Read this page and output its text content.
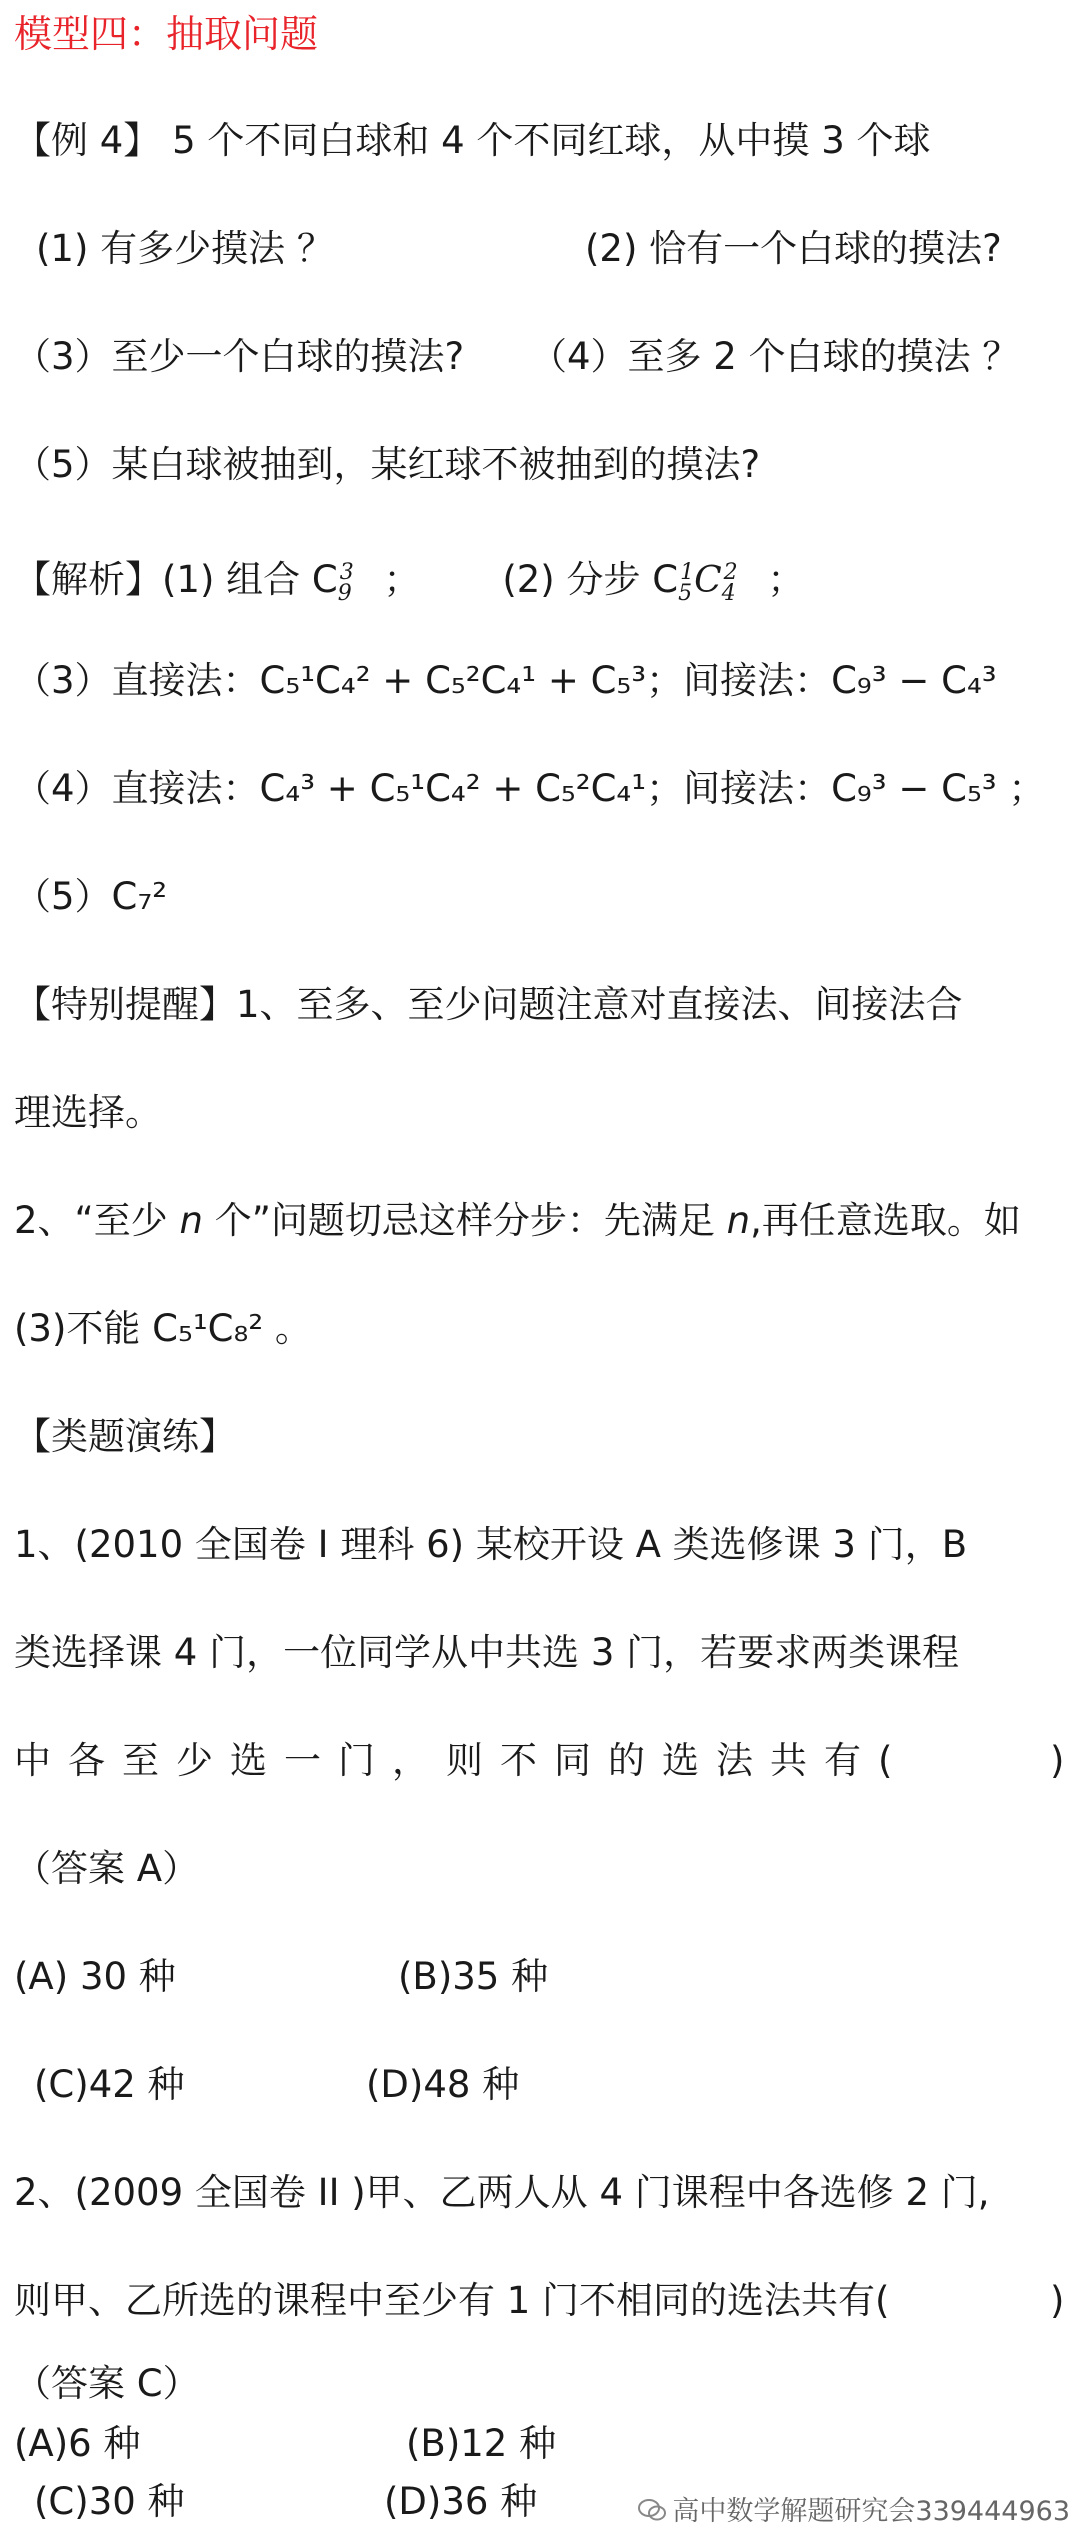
模型四：抽取问题
【例 4】 5 个不同白球和 4 个不同红球，从中摸 3 个球
(1) 有多少摸法 ？	(2) 恰有一个白球的摸法?
（3）至少一个白球的摸法? （4）至多 2 个白球的摸法 ？
（5）某白球被抽到，某红球不被抽到的摸法?
【解析】(1) 组合 $C_9^3$ ； (2) 分步 $C_5^1C_4^2$ ；
（3）直接法：C₅¹C₄² + C₅²C₄¹ + C₅³；间接法：C₉³ − C₄³
（4）直接法：C₄³ + C₅¹C₄² + C₅²C₄¹；间接法：C₉³ − C₅³ ；
（5）C₇²
【特别提醒】1、至多、至少问题注意对直接法、间接法合
理选择。
2、“至少 n 个”问题切忌这样分步：先满足 n,再任意选取。如
(3)不能 C₅¹C₈² 。
【类题演练】
1、(2010 全国卷 I 理科 6) 某校开设 A 类选修课 3 门，B
类选择课 4 门，一位同学从中共选 3 门，若要求两类课程
中各至少选一门，则不同的选法共有(	)
（答案 A）
(A) 30 种	(B)35 种
(C)42 种	(D)48 种
2、(2009 全国卷 II )甲、乙两人从 4 门课程中各选修 2 门,
则甲、乙所选的课程中至少有 1 门不相同的选法共有(	)
（答案 C）
(A)6 种	(B)12 种
高中数学解题研究会339444963
(C)30 种	(D)36 种
